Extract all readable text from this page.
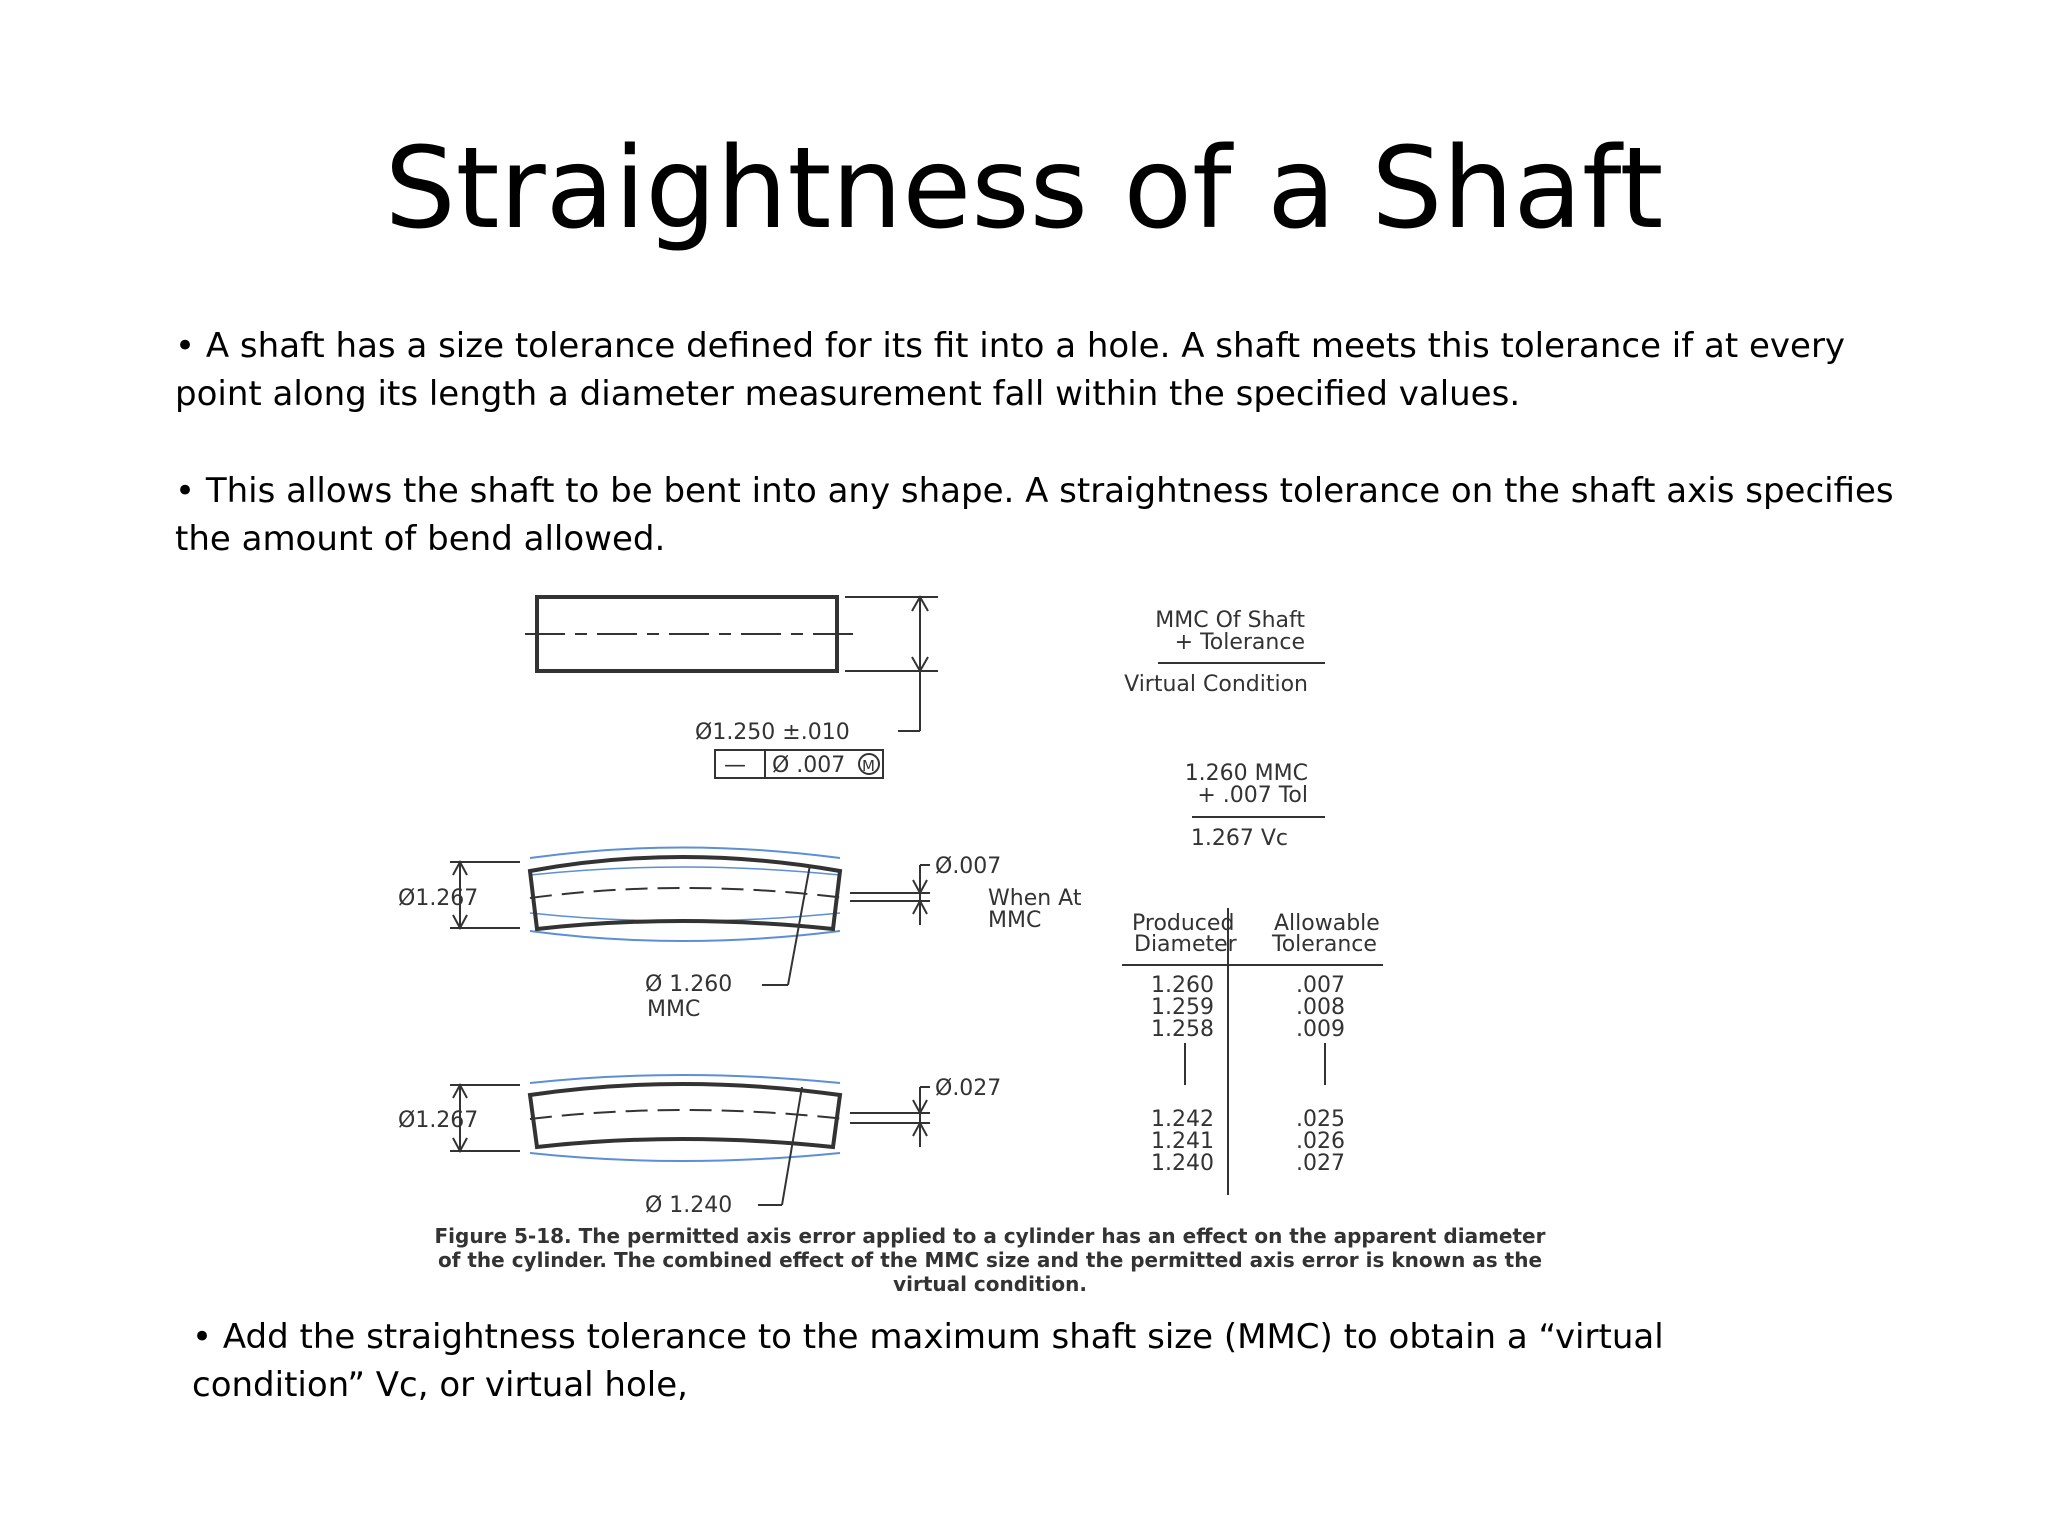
Straightness of a Shaft
• A shaft has a size tolerance defined for its fit into a hole. A shaft meets this tolerance if at every point along its length a diameter measurement fall within the specified values.
• This allows the shaft to be bent into any shape. A straightness tolerance on the shaft axis specifies the amount of bend allowed.
Ø1.250 ±.010
— Ø .007 M
Ø1.267
Ø.007
When At
MMC
Ø 1.260
MMC
Ø1.267
Ø.027
Ø 1.240
MMC Of Shaft
+ Tolerance
Virtual Condition
1.260 MMC
+ .007 Tol
1.267 Vc
Produced
Diameter
Allowable
Tolerance
1.260
1.259
1.258
.007
.008
.009
1.242
1.241
1.240
.025
.026
.027
Figure 5-18. The permitted axis error applied to a cylinder has an effect on the apparent diameter
of the cylinder. The combined effect of the MMC size and the permitted axis error is known as the
virtual condition.
• Add the straightness tolerance to the maximum shaft size (MMC) to obtain a “virtual condition” Vc, or virtual hole,
